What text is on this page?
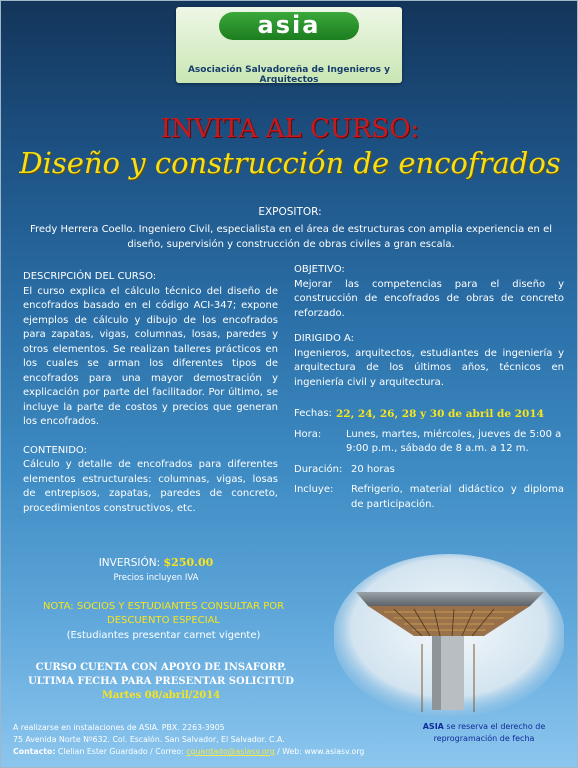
asia
Asociación Salvadoreña de Ingenieros y Arquitectos
INVITA AL CURSO:
Diseño y construcción de encofrados
EXPOSITOR:
Fredy Herrera Coello. Ingeniero Civil, especialista en el área de estructuras con amplia experiencia en el diseño, supervisión y construcción de obras civiles a gran escala.
DESCRIPCIÓN DEL CURSO:
El curso explica el cálculo técnico del diseño de encofrados basado en el código ACI-347; expone ejemplos de cálculo y dibujo de los encofrados para zapatas, vigas, columnas, losas, paredes y otros elementos. Se realizan talleres prácticos en los cuales se arman los diferentes tipos de encofrados para una mayor demostración y explicación por parte del facilitador. Por último, se incluye la parte de costos y precios que generan los encofrados.
CONTENIDO:
Cálculo y detalle de encofrados para diferentes elementos estructurales: columnas, vigas, losas de entrepisos, zapatas, paredes de concreto, procedimientos constructivos, etc.
OBJETIVO:
Mejorar las competencias para el diseño y construcción de encofrados de obras de concreto reforzado.
DIRIGIDO A:
Ingenieros, arquitectos, estudiantes de ingeniería y arquitectura de los últimos años, técnicos en ingeniería civil y arquitectura.
Fechas: 22, 24, 26, 28 y 30 de abril de 2014
Hora:	Lunes, martes, miércoles, jueves de 5:00 a 9:00 p.m., sábado de 8 a.m. a 12 m.
Duración: 20 horas
Incluye:	Refrigerio, material didáctico y diploma de participación.
INVERSIÓN: $250.00
Precios incluyen IVA
NOTA: SOCIOS Y ESTUDIANTES CONSULTAR POR DESCUENTO ESPECIAL
(Estudiantes presentar carnet vigente)
CURSO CUENTA CON APOYO DE INSAFORP.
ULTIMA FECHA PARA PRESENTAR SOLICITUD
Martes 08/abril/2014
A realizarse en instalaciones de ASIA. PBX. 2263-3905
75 Avenida Norte Nº632. Col. Escalón. San Salvador, El Salvador. C.A.
Contacto: Clelian Ester Guardado / Correo: cguardado@asiasv.org / Web: www.asiasv.org
ASIA se reserva el derecho de reprogramación de fecha
